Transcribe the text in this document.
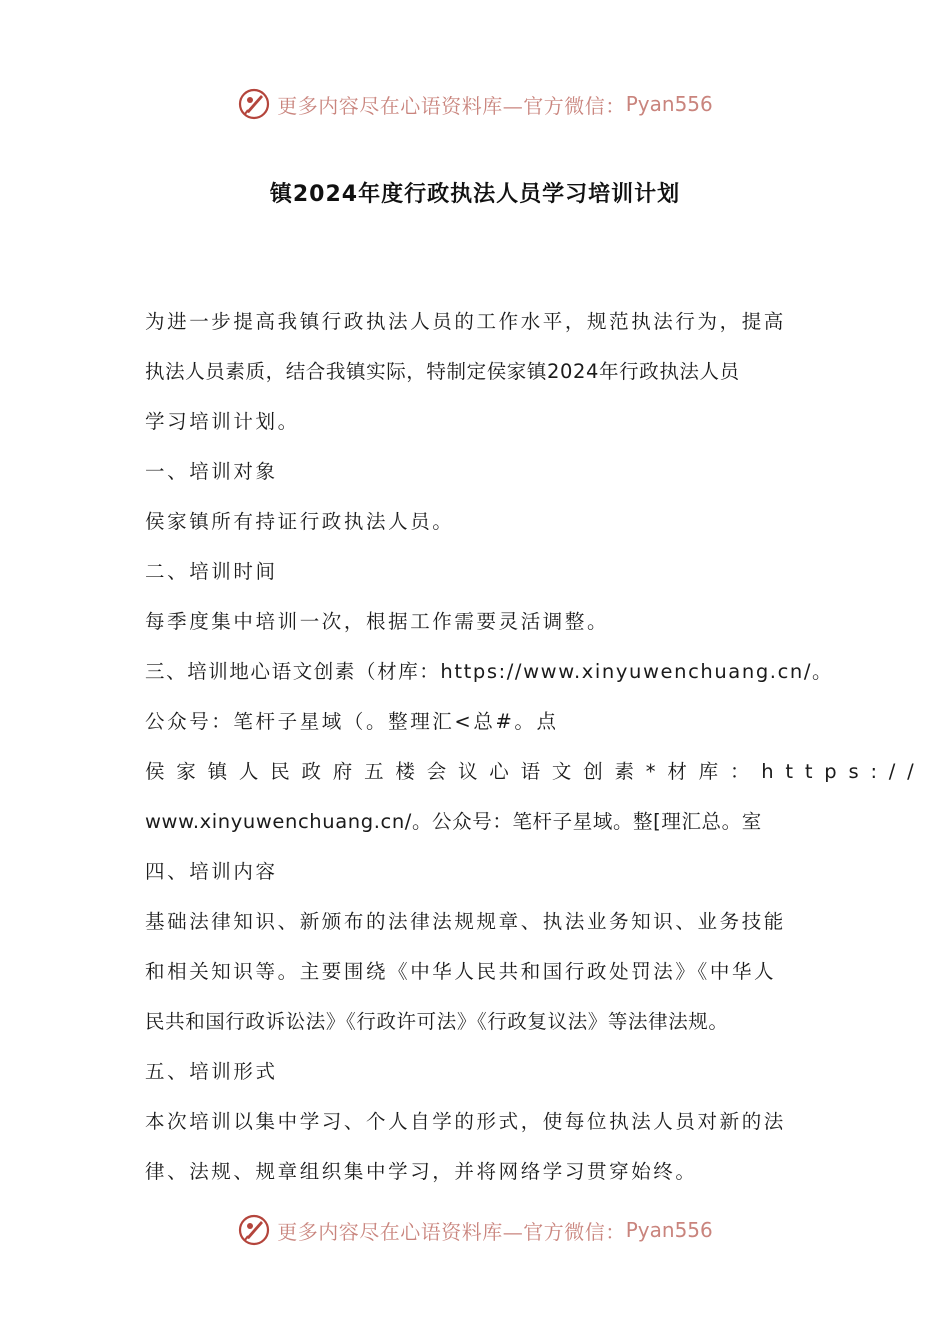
更多内容尽在心语资料库—官方微信： Pyan556
镇2024年度行政执法人员学习培训计划

为进一步提高我镇行政执法人员的工作水平，规范执法行为，提高

执法人员素质，结合我镇实际，特制定侯家镇2024年行政执法人员

学习培训计划。

一、培训对象

侯家镇所有持证行政执法人员。

二、培训时间

每季度集中培训一次，根据工作需要灵活调整。

三、培训地心语文创素（材库：https://www.xinyuwenchuang.cn/。

公众号：笔杆子星域（。整理汇<总#。点

侯家镇人民政府五楼会议心语文创素*材库：https://

www.xinyuwenchuang.cn/。公众号：笔杆子星域。整[理汇总。室

四、培训内容

基础法律知识、新颁布的法律法规规章、执法业务知识、业务技能

和相关知识等。主要围绕《中华人民共和国行政处罚法》《中华人

民共和国行政诉讼法》《行政许可法》《行政复议法》等法律法规。

五、培训形式

本次培训以集中学习、个人自学的形式，使每位执法人员对新的法

律、法规、规章组织集中学习，并将网络学习贯穿始终。

更多内容尽在心语资料库—官方微信： Pyan556
